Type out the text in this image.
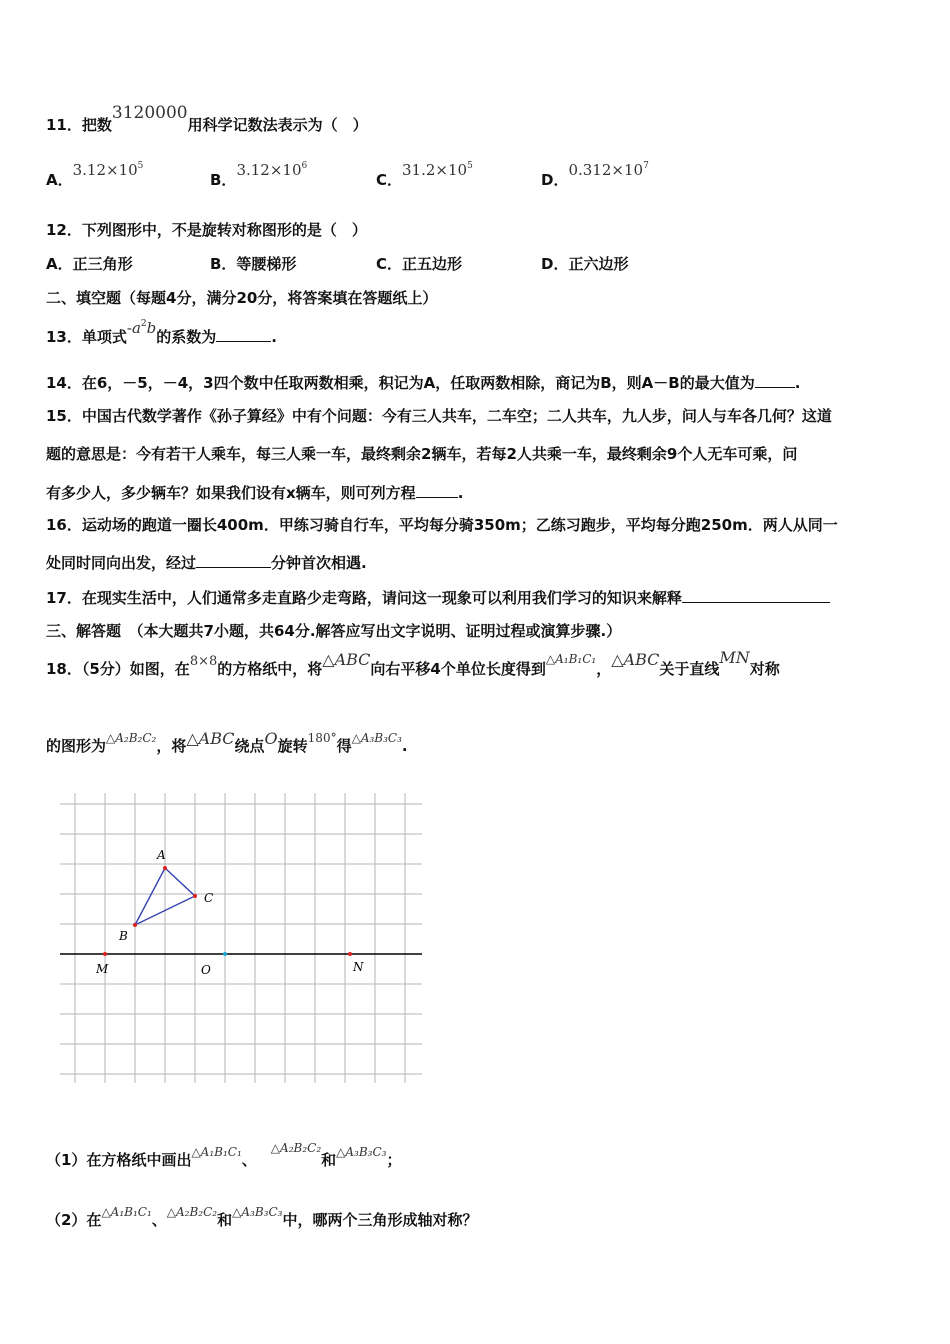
11．把数3120000用科学记数法表示为（　）
A．$3.12\times 10^5$
B．$3.12\times 10^6$
C．$31.2\times 10^5$
D．$0.312\times 10^7$
12．下列图形中，不是旋转对称图形的是（　）
A．正三角形	B．等腰梯形	C．正五边形	D．正六边形
二、填空题（每题4分，满分20分，将答案填在答题纸上）
13．单项式$-a^2b$的系数为	.
14．在6，－5，－4，3四个数中任取两数相乘，积记为A，任取两数相除，商记为B，则A－B的最大值为	.
15．中国古代数学著作《孙子算经》中有个问题：今有三人共车，二车空；二人共车，九人步，问人与车各几何？这道
题的意思是：今有若干人乘车，每三人乘一车，最终剩余2辆车，若每2人共乘一车，最终剩余9个人无车可乘，问
有多少人，多少辆车？如果我们设有x辆车，则可列方程	.
16．运动场的跑道一圈长400m．甲练习骑自行车，平均每分骑350m；乙练习跑步，平均每分跑250m．两人从同一
处同时同向出发，经过	分钟首次相遇.
17．在现实生活中，人们通常多走直路少走弯路，请问这一现象可以利用我们学习的知识来解释
三、解答题　（本大题共7小题，共64分.解答应写出文字说明、证明过程或演算步骤.）
18．（5分）如图，在8×8的方格纸中，将△ABC向右平移4个单位长度得到$^{\triangle A_1B_1C_1}$，△ABC关于直线MN对称
的图形为$^{\triangle A_2B_2C_2}$，将△ABC绕点O旋转$^{180^\circ}$得$^{\triangle A_3B_3C_3}$.
A
B
C
M	O	N
（1）在方格纸中画出$^{\triangle A_1B_1C_1}$、$^{\triangle A_2B_2C_2}$和$^{\triangle A_3B_3C_3}$；
（2）在$^{\triangle A_1B_1C_1}$、$^{\triangle A_2B_2C_2}$和$^{\triangle A_3B_3C_3}$中，哪两个三角形成轴对称？
